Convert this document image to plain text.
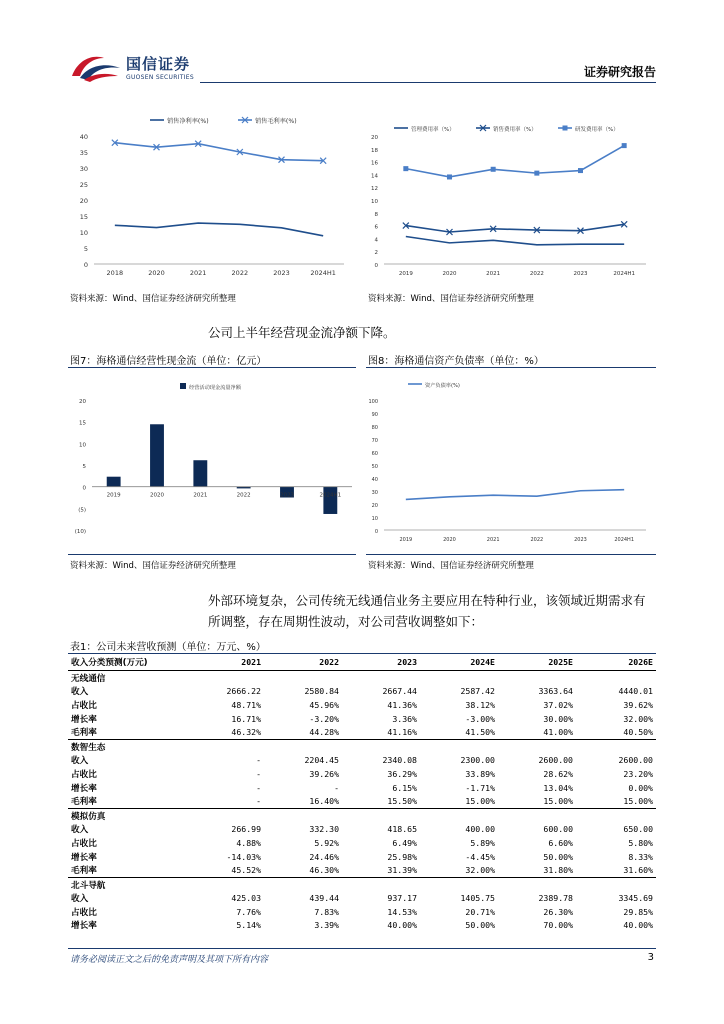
国信证券
GUOSEN SECURITIES	证券研究报告
0
5
10
15
20
25
30
35
40
2018	2020	2021	2022	2023	2024H1
销售净利率(%)	销售毛利率(%)
资料来源：Wind、国信证券经济研究所整理
0
2
4
6
8
10
12
14
16
18
20
2019	2020	2021	2022	2023	2024H1
管理费用率（%）	销售费用率（%）	研发费用率（%）
资料来源：Wind、国信证券经济研究所整理
公司上半年经营现金流净额下降。
图7：海格通信经营性现金流（单位：亿元）
(10)
(5)
0
5
10
15
20
经营活动现金流量净额
2019	2020	2021	2022	2023	2024H1
资料来源：Wind、国信证券经济研究所整理
图8：海格通信资产负债率（单位：%）
0
10
20
30
40
50
60
70
80
90
100
2019	2020	2021	2022	2023	2024H1
资产负债率(%)
资料来源：Wind、国信证券经济研究所整理
外部环境复杂，公司传统无线通信业务主要应用在特种行业，该领域近期需求有
所调整，存在周期性波动，对公司营收调整如下：
表1：公司未来营收预测（单位：万元、%）
收入分类预测(万元)	2021	2022	2023	2024E	2025E	2026E
无线通信						
收入	2666.22	2580.84	2667.44	2587.42	3363.64	4440.01
占收比	48.71%	45.96%	41.36%	38.12%	37.02%	39.62%
增长率	16.71%	-3.20%	3.36%	-3.00%	30.00%	32.00%
毛利率	46.32%	44.28%	41.16%	41.50%	41.00%	40.50%
数智生态						
收入	-	2204.45	2340.08	2300.00	2600.00	2600.00
占收比	-	39.26%	36.29%	33.89%	28.62%	23.20%
增长率	-	-	6.15%	-1.71%	13.04%	0.00%
毛利率	-	16.40%	15.50%	15.00%	15.00%	15.00%
模拟仿真						
收入	266.99	332.30	418.65	400.00	600.00	650.00
占收比	4.88%	5.92%	6.49%	5.89%	6.60%	5.80%
增长率	-14.03%	24.46%	25.98%	-4.45%	50.00%	8.33%
毛利率	45.52%	46.30%	31.39%	32.00%	31.80%	31.60%
北斗导航						
收入	425.03	439.44	937.17	1405.75	2389.78	3345.69
占收比	7.76%	7.83%	14.53%	20.71%	26.30%	29.85%
增长率	5.14%	3.39%	40.00%	50.00%	70.00%	40.00%
请务必阅读正文之后的免责声明及其项下所有内容	3
